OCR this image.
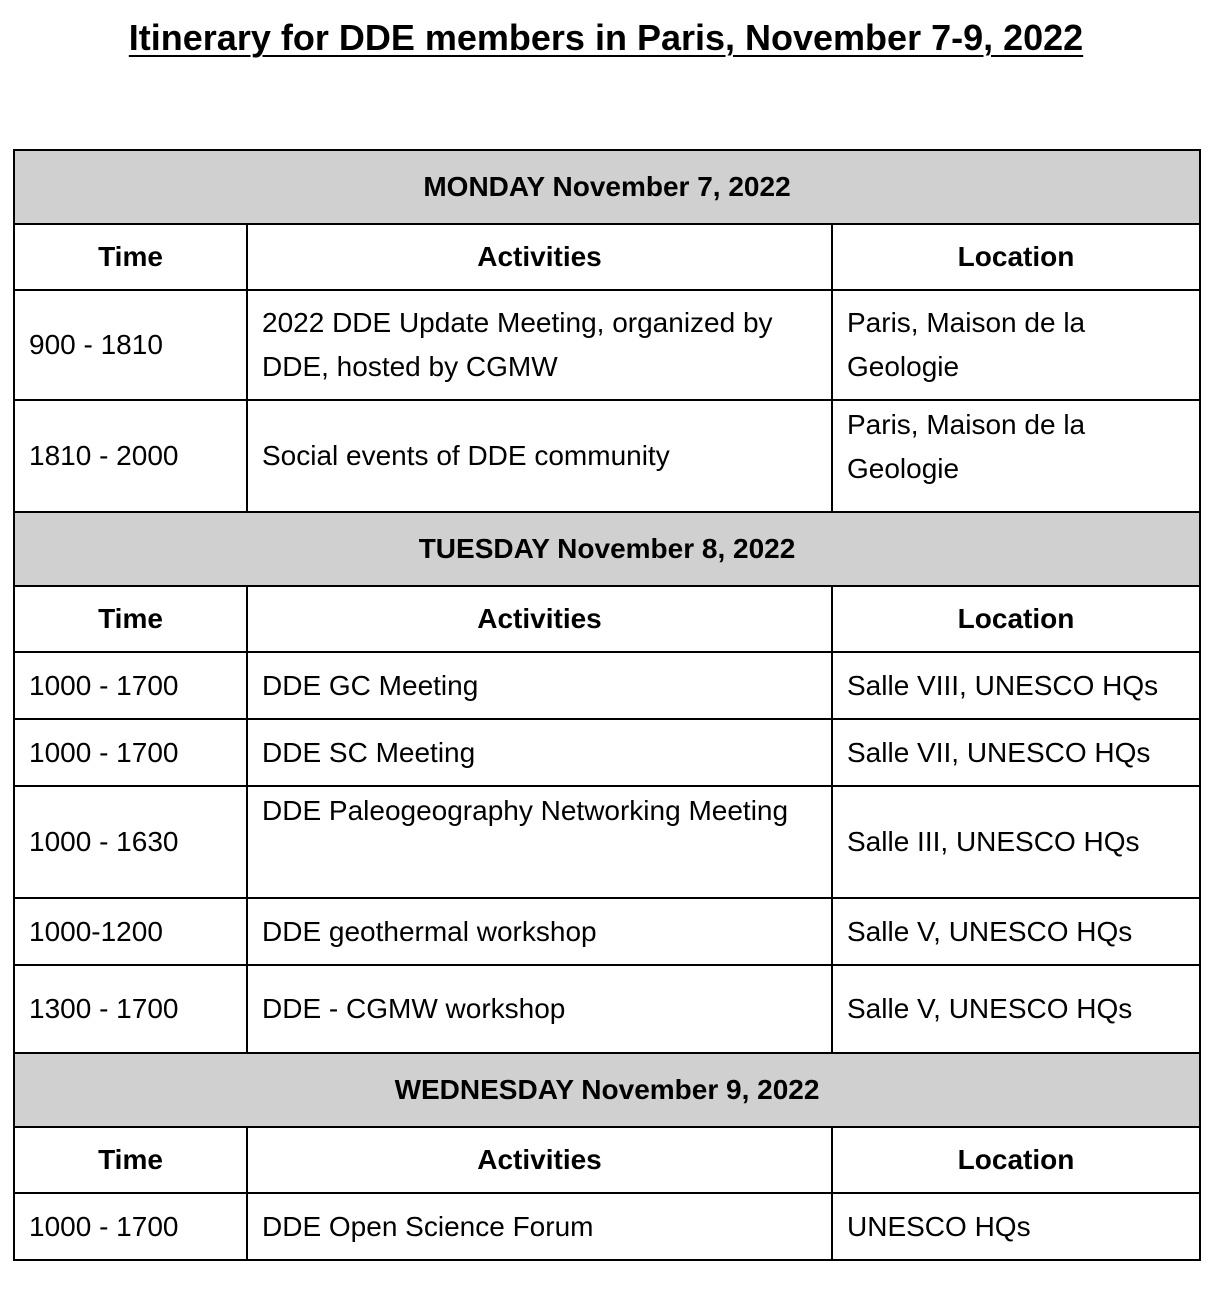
Itinerary for DDE members in Paris, November 7-9, 2022
MONDAY November 7, 2022		
Time	Activities	Location
900 - 1810	2022 DDE Update Meeting, organized by DDE, hosted by CGMW	Paris, Maison de la Geologie
1810 - 2000	Social events of DDE community	Paris, Maison de la Geologie
TUESDAY November 8, 2022		
Time	Activities	Location
1000 - 1700	DDE GC Meeting	Salle VIII, UNESCO HQs
1000 - 1700	DDE SC Meeting	Salle VII, UNESCO HQs
1000 - 1630	DDE Paleogeography Networking Meeting	Salle III, UNESCO HQs
1000-1200	DDE geothermal workshop	Salle V, UNESCO HQs
1300 - 1700	DDE - CGMW workshop	Salle V, UNESCO HQs
WEDNESDAY November 9, 2022		
Time	Activities	Location
1000 - 1700	DDE Open Science Forum	UNESCO HQs
